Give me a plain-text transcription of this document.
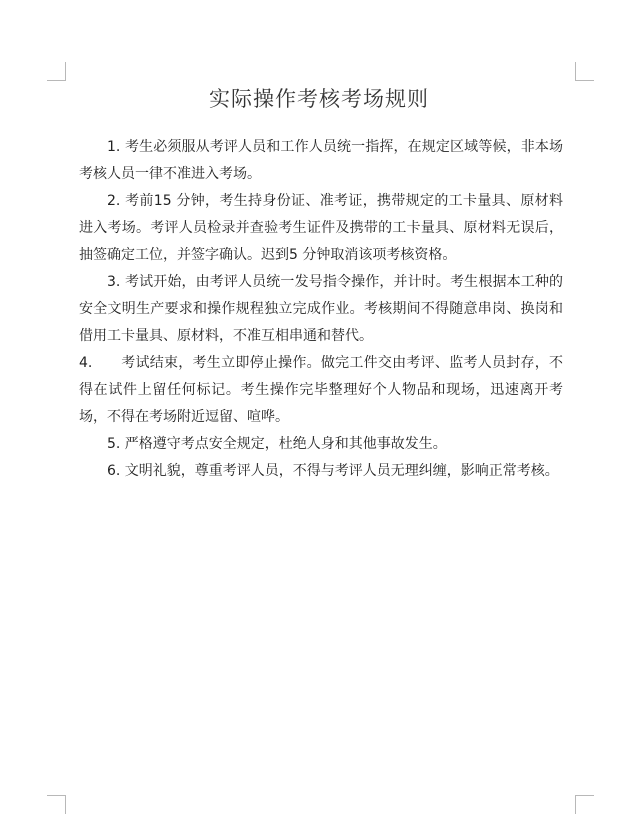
实际操作考核考场规则

1. 考生必须服从考评人员和工作人员统一指挥，在规定区域等候，非本场考核人员一律不准进入考场。

2. 考前15 分钟，考生持身份证、准考证，携带规定的工卡量具、原材料进入考场。考评人员检录并查验考生证件及携带的工卡量具、原材料无误后，抽签确定工位，并签字确认。迟到5 分钟取消该项考核资格。

3. 考试开始，由考评人员统一发号指令操作，并计时。考生根据本工种的安全文明生产要求和操作规程独立完成作业。考核期间不得随意串岗、换岗和借用工卡量具、原材料，不准互相串通和替代。

4. 考试结束，考生立即停止操作。做完工件交由考评、监考人员封存，不得在试件上留任何标记。考生操作完毕整理好个人物品和现场，迅速离开考场，不得在考场附近逗留、喧哗。

5. 严格遵守考点安全规定，杜绝人身和其他事故发生。

6. 文明礼貌，尊重考评人员，不得与考评人员无理纠缠，影响正常考核。
